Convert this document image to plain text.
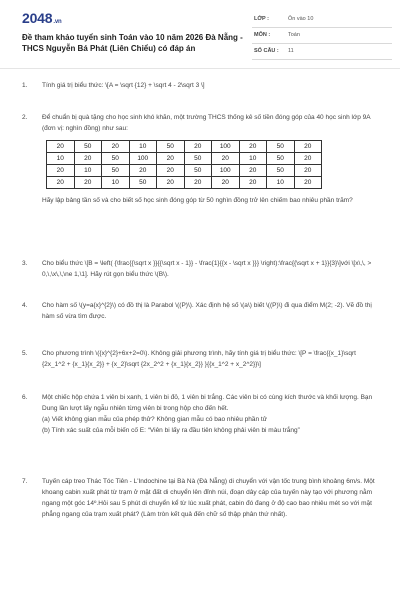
2048.vn
Đề tham khảo tuyển sinh Toán vào 10 năm 2026 Đà Nẵng - THCS Nguyễn Bá Phát (Liên Chiểu) có đáp án
LỚP :	Ôn vào 10
MÔN :	Toán
SỐ CÂU : 11
1.	Tính giá trị biểu thức: \[A = \sqrt {12} + \sqrt 4 - 2\sqrt 3 \]

2.	Để chuẩn bị quà tặng cho học sinh khó khăn, một trường THCS thống kê số tiền đóng góp của 40 học sinh lớp 9A (đơn vị: nghìn đồng) như sau:

20	50	20	10	50	20	100	20	50	20
10	20	50	100	20	50	20	10	50	20
20	10	50	20	20	50	100	20	50	20
20	20	10	50	20	20	20	20	10	20

Hãy lập bảng tần số và cho biết số học sinh đóng góp từ 50 nghìn đồng trở lên chiếm bao nhiêu phần trăm?

3.	Cho biểu thức \[B = \left( {\frac{{\sqrt x }}{{\sqrt x - 1}} - \frac{1}{{x - \sqrt x }}} \right):\frac{{\sqrt x + 1}}{3}\]với \[x\,\, > 0,\,\x\,\,\ne 1,\1]. Hãy rút gọn biểu thức \(B\).

4.	Cho hàm số \(y=a{x}^{2}\) có đồ thị là Parabol \((P)\). Xác định hệ số \(a\) biết \((P)\) đi qua điểm M(2; -2). Vẽ đồ thị hàm số vừa tìm được.

5.	Cho phương trình \({x}^{2}+6x+2=0\). Không giải phương trình, hãy tính giá trị biểu thức: \[P = \frac{{x_1}\sqrt {2x_1^2 + {x_1}{x_2}} + {x_2}\sqrt {2x_2^2 + {x_1}{x_2}} }{{x_1^2 + x_2^2}}\]

6.	Một chiếc hộp chứa 1 viên bi xanh, 1 viên bi đỏ, 1 viên bi trắng. Các viên bi có cùng kích thước và khối lượng. Bạn Dung lần lượt lấy ngẫu nhiên từng viên bi trong hộp cho đến hết.

(a) Viết không gian mẫu của phép thử? Không gian mẫu có bao nhiêu phần tử

(b) Tính xác suất của mỗi biến cố E: “Viên bi lấy ra đầu tiên không phải viên bi màu trắng”

7.	Tuyến cáp treo Thác Tóc Tiên - L'Indochine tại Bà Nà (Đà Nẵng) di chuyển với vận tốc trung bình khoảng 6m/s. Một khoang cabin xuất phát từ trạm ở mặt đất di chuyển lên đỉnh núi, đoạn dây cáp của tuyến này tạo với phương nằm ngang một góc 14º.Hỏi sau 5 phút di chuyển kể từ lúc xuất phát, cabin đó đang ở độ cao bao nhiêu mét so với mặt phẳng ngang của trạm xuất phát? (Làm tròn kết quả đến chữ số thập phân thứ nhất).
